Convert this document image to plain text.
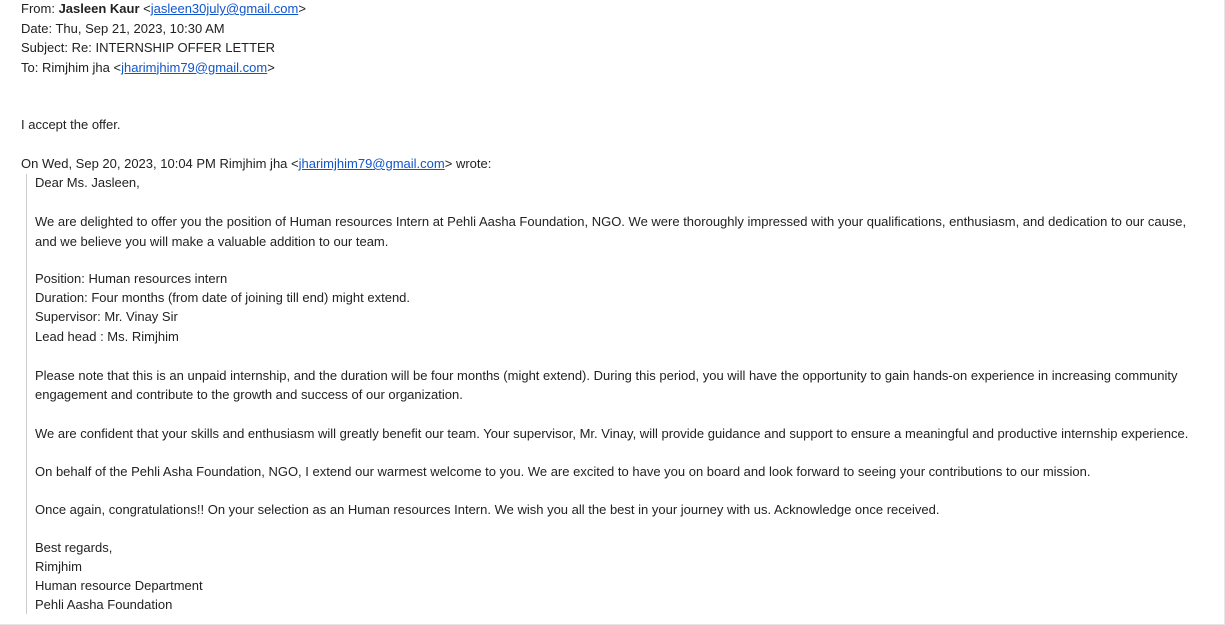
From: Jasleen Kaur <jasleen30july@gmail.com>
Date: Thu, Sep 21, 2023, 10:30 AM
Subject: Re: INTERNSHIP OFFER LETTER
To: Rimjhim jha <jharimjhim79@gmail.com>
I accept the offer.
On Wed, Sep 20, 2023, 10:04 PM Rimjhim jha <jharimjhim79@gmail.com> wrote:
Dear Ms. Jasleen,
We are delighted to offer you the position of Human resources Intern at Pehli Aasha Foundation, NGO. We were thoroughly impressed with your qualifications, enthusiasm, and dedication to our cause, and we believe you will make a valuable addition to our team.
Position: Human resources intern
Duration: Four months (from date of joining till end) might extend.
Supervisor: Mr. Vinay Sir
Lead head : Ms. Rimjhim
Please note that this is an unpaid internship, and the duration will be four months (might extend). During this period, you will have the opportunity to gain hands-on experience in increasing community engagement and contribute to the growth and success of our organization.
We are confident that your skills and enthusiasm will greatly benefit our team. Your supervisor, Mr. Vinay, will provide guidance and support to ensure a meaningful and productive internship experience.
On behalf of the Pehli Asha Foundation, NGO, I extend our warmest welcome to you. We are excited to have you on board and look forward to seeing your contributions to our mission.
Once again, congratulations!! On your selection as an Human resources Intern. We wish you all the best in your journey with us. Acknowledge once received.
Best regards,
Rimjhim
Human resource Department
Pehli Aasha Foundation
